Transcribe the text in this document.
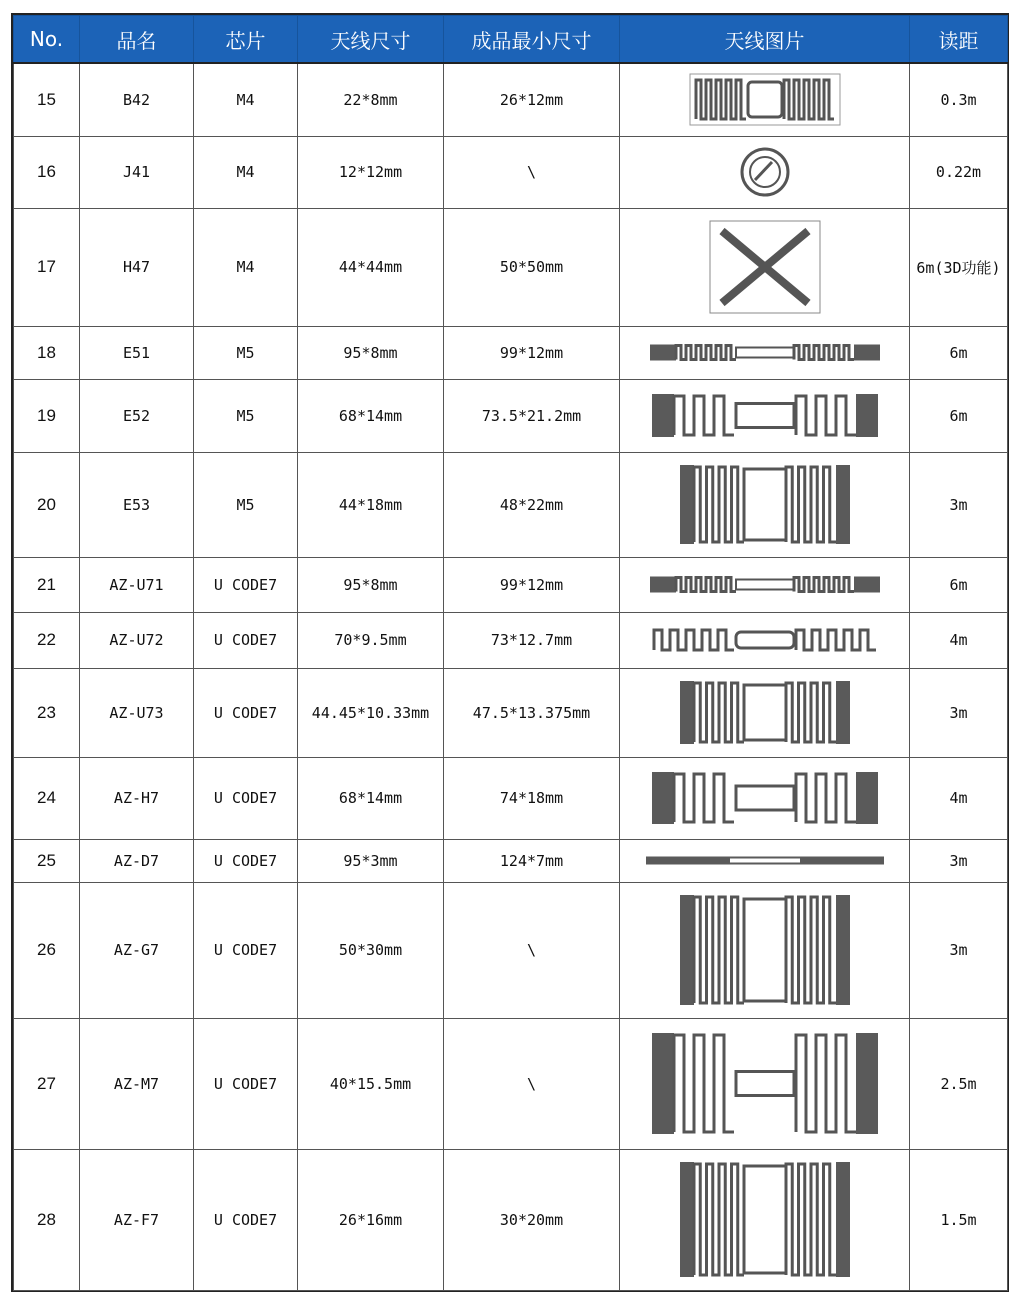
No.	品名	芯片	天线尺寸	成品最小尺寸	天线图片	读距
15	B42	M4	22*8mm	26*12mm		0.3m
16	J41	M4	12*12mm	\		0.22m
17	H47	M4	44*44mm	50*50mm		6m(3D功能)
18	E51	M5	95*8mm	99*12mm		6m
19	E52	M5	68*14mm	73.5*21.2mm		6m
20	E53	M5	44*18mm	48*22mm		3m
21	AZ-U71	U CODE7	95*8mm	99*12mm		6m
22	AZ-U72	U CODE7	70*9.5mm	73*12.7mm		4m
23	AZ-U73	U CODE7	44.45*10.33mm	47.5*13.375mm		3m
24	AZ-H7	U CODE7	68*14mm	74*18mm		4m
25	AZ-D7	U CODE7	95*3mm	124*7mm		3m
26	AZ-G7	U CODE7	50*30mm	\		3m
27	AZ-M7	U CODE7	40*15.5mm	\		2.5m
28	AZ-F7	U CODE7	26*16mm	30*20mm		1.5m
